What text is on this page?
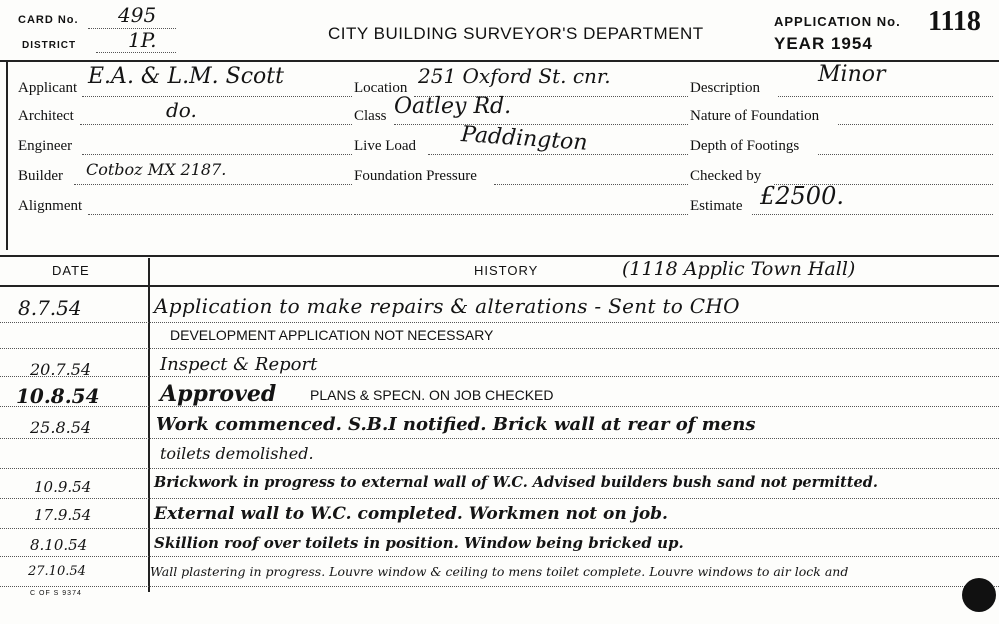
CARD No. 495
DISTRICT	1P.	CITY BUILDING SURVEYOR'S DEPARTMENT
APPLICATION No. 1118
YEAR 1954
Applicant E.A. & L.M. Scott
Architect	do.
Engineer
Builder Cotboz MX 2187.
Alignment
Location 251 Oxford St. cnr.
Class Oatley Rd.
Live Load Paddington
Foundation Pressure
Description
Minor
Nature of Foundation
Depth of Footings
Checked by
Estimate £2500.
DATE	HISTORY	(1118 Applic Town Hall)
8.7.54	Application to make repairs & alterations - Sent to CHO
DEVELOPMENT APPLICATION NOT NECESSARY
20.7.54	Inspect & Report
10.8.54	Approved PLANS & SPECN. ON JOB CHECKED
25.8.54	Work commenced. S.B.I notified. Brick wall at rear of mens
toilets demolished.
10.9.54	Brickwork in progress to external wall of W.C. Advised builders bush sand not permitted.
17.9.54	External wall to W.C. completed. Workmen not on job.
8.10.54	Skillion roof over toilets in position. Window being bricked up.
27.10.54	Wall plastering in progress. Louvre window & ceiling to mens toilet complete. Louvre windows to air lock and
C OF S 9374
